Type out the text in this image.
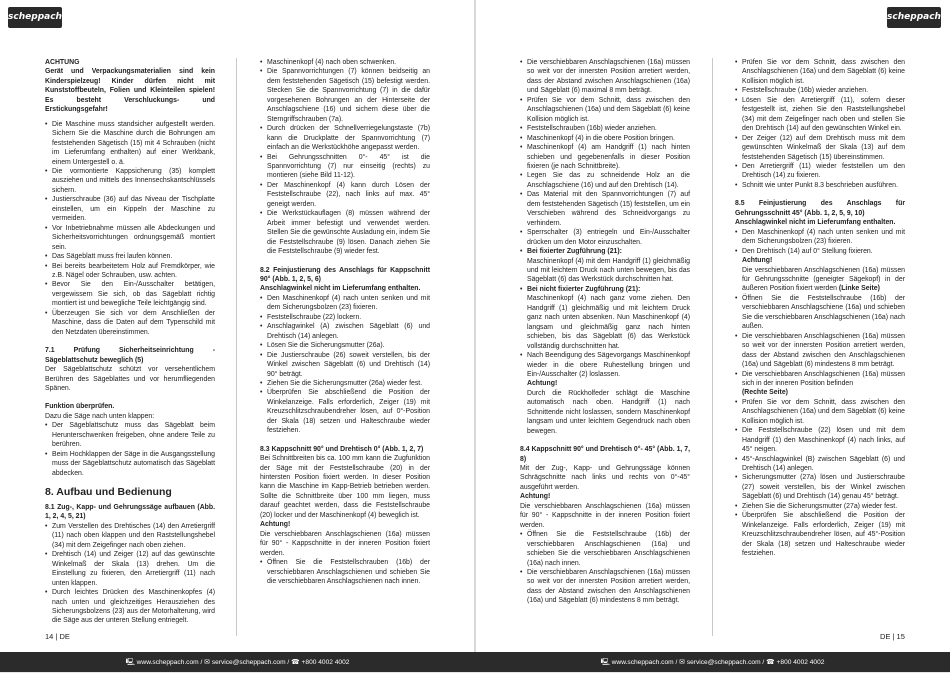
scheppach	scheppach
ACHTUNG
Gerät und Verpackungsmaterialien sind kein Kinderspielzeug! Kinder dürfen nicht mit Kunststoffbeuteln, Folien und Kleinteilen spielen! Es besteht Verschluckungs- und Erstickungsgefahr!
• Die Maschine muss standsicher aufgestellt werden. Sichern Sie die Maschine durch die Bohrungen am feststehenden Sägetisch (15) mit 4 Schrauben (nicht im Lieferumfang enthalten) auf einer Werkbank, einem Untergestell o. ä.
• Die vormontierte Kappsicherung (35) komplett ausziehen und mittels des Innensechskantschlüssels sichern.
• Justierschraube (36) auf das Niveau der Tischplatte einstellen, um ein Kippeln der Maschine zu vermeiden.
• Vor Inbetriebnahme müssen alle Abdeckungen und Sicherheitsvorrichtungen ordnungsgemäß montiert sein.
• Das Sägeblatt muss frei laufen können.
• Bei bereits bearbeitetem Holz auf Fremdkörper, wie z.B. Nägel oder Schrauben, usw. achten.
• Bevor Sie den Ein-/Ausschalter betätigen, vergewissern Sie sich, ob das Sägeblatt richtig montiert ist und bewegliche Teile leichtgängig sind.
• Überzeugen Sie sich vor dem Anschließen der Maschine, dass die Daten auf dem Typenschild mit den Netzdaten übereinstimmen.
7.1 Prüfung Sicherheitseinrichtung - Sägeblattschutz beweglich (5)
Der Sägeblattschutz schützt vor versehentlichem Berühren des Sägeblattes und vor herumfliegenden Spänen.
Funktion überprüfen.
Dazu die Säge nach unten klappen:
• Der Sägeblattschutz muss das Sägeblatt beim Herunterschwenken freigeben, ohne andere Teile zu berühren.
• Beim Hochklappen der Säge in die Ausgangsstellung muss der Sägeblattschutz automatisch das Sägeblatt abdecken.
8. Aufbau und Bedienung
8.1 Zug-, Kapp- und Gehrungssäge aufbauen (Abb. 1, 2, 4, 5, 21)
• Zum Verstellen des Drehtisches (14) den Arretiergriff (11) nach oben klappen und den Raststellungshebel (34) mit dem Zeigefinger nach oben ziehen.
• Drehtisch (14) und Zeiger (12) auf das gewünschte Winkelmaß der Skala (13) drehen. Um die Einstellung zu fixieren, den Arretiergriff (11) nach unten klappen.
• Durch leichtes Drücken des Maschinenkopfes (4) nach unten und gleichzeitiges Herausziehen des Sicherungsbolzens (23) aus der Motorhalterung, wird die Säge aus der unteren Stellung entriegelt.
• Maschinenkopf (4) nach oben schwenken.
• Die Spannvorrichtungen (7) können beidseitig an dem feststehenden Sägetisch (15) befestigt werden. Stecken Sie die Spannvorrichtung (7) in die dafür vorgesehenen Bohrungen an der Hinterseite der Anschlagschiene (16) und sichern diese über die Sterngriffschrauben (7a).
• Durch drücken der Schnellverriegelungstaste (7b) kann die Druckplatte der Spannvorrichtung (7) einfach an die Werkstückhöhe angepasst werden.
• Bei Gehrungsschnitten 0°- 45° ist die Spannvorrichtung (7) nur einseitig (rechts) zu montieren (siehe Bild 11-12).
• Der Maschinenkopf (4) kann durch Lösen der Feststellschraube (22), nach links auf max. 45° geneigt werden.
• Die Werkstückauflagen (8) müssen während der Arbeit immer befestigt und verwendet werden. Stellen Sie die gewünschte Ausladung ein, indem Sie die Feststellschraube (9) lösen. Danach ziehen Sie die Feststellschraube (9) wieder fest.
8.2 Feinjustierung des Anschlags für Kappschnitt 90° (Abb. 1, 2, 5, 6)
Anschlagwinkel nicht im Lieferumfang enthalten.
• Den Maschinenkopf (4) nach unten senken und mit dem Sicherungsbolzen (23) fixieren.
• Feststellschraube (22) lockern.
• Anschlagwinkel (A) zwischen Sägeblatt (6) und Drehtisch (14) anlegen.
• Lösen Sie die Sicherungsmutter (26a).
• Die Justierschraube (26) soweit verstellen, bis der Winkel zwischen Sägeblatt (6) und Drehtisch (14) 90° beträgt.
• Ziehen Sie die Sicherungsmutter (26a) wieder fest.
• Überprüfen Sie abschließend die Position der Winkelanzeige. Falls erforderlich, Zeiger (19) mit Kreuzschlitzschraubendreher lösen, auf 0°-Position der Skala (18) setzen und Halteschraube wieder festziehen.
8.3 Kappschnitt 90° und Drehtisch 0° (Abb. 1, 2, 7)
Bei Schnittbreiten bis ca. 100 mm kann die Zugfunktion der Säge mit der Feststellschraube (20) in der hintersten Position fixiert werden. In dieser Position kann die Maschine im Kapp-Betrieb betrieben werden. Sollte die Schnittbreite über 100 mm liegen, muss darauf geachtet werden, dass die Feststellschraube (20) locker und der Maschinenkopf (4) beweglich ist.
Achtung!
Die verschiebbaren Anschlagschienen (16a) müssen für 90° - Kappschnitte in der inneren Position fixiert werden.
• Öffnen Sie die Feststellschrauben (16b) der verschiebbaren Anschlagschienen und schieben Sie die verschiebbaren Anschlagschienen nach innen.
• Die verschiebbaren Anschlagschienen (16a) müssen so weit vor der innersten Position arretiert werden, dass der Abstand zwischen Anschlagschienen (16a) und Sägeblatt (6) maximal 8 mm beträgt.
• Prüfen Sie vor dem Schnitt, dass zwischen den Anschlagschienen (16a) und dem Sägeblatt (6) keine Kollision möglich ist.
• Feststellschrauben (16b) wieder anziehen.
• Maschinenkopf (4) in die obere Position bringen.
• Maschinenkopf (4) am Handgriff (1) nach hinten schieben und gegebenenfalls in dieser Position fixieren (je nach Schnittbreite).
• Legen Sie das zu schneidende Holz an die Anschlagschiene (16) und auf den Drehtisch (14).
• Das Material mit den Spannvorrichtungen (7) auf dem feststehenden Sägetisch (15) feststellen, um ein Verschieben während des Schneidvorgangs zu verhindern.
• Sperrschalter (3) entriegeln und Ein-/Ausschalter drücken um den Motor einzuschalten.
• Bei fixierter Zugführung (21):
Maschinenkopf (4) mit dem Handgriff (1) gleichmäßig und mit leichtem Druck nach unten bewegen, bis das Sägeblatt (6) das Werkstück durchschnitten hat.
• Bei nicht fixierter Zugführung (21):
Maschinenkopf (4) nach ganz vorne ziehen. Den Handgriff (1) gleichmäßig und mit leichtem Druck ganz nach unten absenken. Nun Maschinenkopf (4) langsam und gleichmäßig ganz nach hinten schieben, bis das Sägeblatt (6) das Werkstück vollständig durchschnitten hat.
• Nach Beendigung des Sägevorgangs Maschinenkopf wieder in die obere Ruhestellung bringen und Ein-/Ausschalter (2) loslassen.
Achtung!
Durch die Rückholfeder schlägt die Maschine automatisch nach oben. Handgriff (1) nach Schnittende nicht loslassen, sondern Maschinenkopf langsam und unter leichtem Gegendruck nach oben bewegen.
8.4 Kappschnitt 90° und Drehtisch 0°- 45° (Abb. 1, 7, 8)
Mit der Zug-, Kapp- und Gehrungssäge können Schrägschnitte nach links und rechts von 0°-45° ausgeführt werden.
Achtung!
Die verschiebbaren Anschlagschienen (16a) müssen für 90° - Kappschnitte in der inneren Position fixiert werden.
• Öffnen Sie die Feststellschraube (16b) der verschiebbaren Anschlagschienen (16a) und schieben Sie die verschiebbaren Anschlagschienen (16a) nach innen.
• Die verschiebbaren Anschlagschienen (16a) müssen so weit vor der innersten Position arretiert werden, dass der Abstand zwischen den Anschlagschienen (16a) und Sägeblatt (6) mindestens 8 mm beträgt.
• Prüfen Sie vor dem Schnitt, dass zwischen den Anschlagschienen (16a) und dem Sägeblatt (6) keine Kollision möglich ist.
• Feststellschraube (16b) wieder anziehen.
• Lösen Sie den Arretiergriff (11), sofern dieser festgestellt ist, ziehen Sie den Raststellungshebel (34) mit dem Zeigefinger nach oben und stellen Sie den Drehtisch (14) auf den gewünschten Winkel ein.
• Der Zeiger (12) auf dem Drehtisch muss mit dem gewünschten Winkelmaß der Skala (13) auf dem feststehenden Sägetisch (15) übereinstimmen.
• Den Arretiergriff (11) wieder feststellen um den Drehtisch (14) zu fixieren.
• Schnitt wie unter Punkt 8.3 beschrieben ausführen.
8.5 Feinjustierung des Anschlags für Gehrungsschnitt 45° (Abb. 1, 2, 5, 9, 10)
Anschlagwinkel nicht im Lieferumfang enthalten.
• Den Maschinenkopf (4) nach unten senken und mit dem Sicherungsbolzen (23) fixieren.
• Den Drehtisch (14) auf 0° Stellung fixieren.
Achtung!
Die verschiebbaren Anschlagschienen (16a) müssen für Gehrungsschnitte (geneigter Sägekopf) in der äußeren Position fixiert werden (Linke Seite)
• Öffnen Sie die Feststellschraube (16b) der verschiebbaren Anschlagschiene (16a) und schieben Sie die verschiebbaren Anschlagschienen (16a) nach außen.
• Die verschiebbaren Anschlagschienen (16a) müssen so weit vor der innersten Position arretiert werden, dass der Abstand zwischen den Anschlagschienen (16a) und Sägeblatt (6) mindestens 8 mm beträgt.
• Die verschiebbaren Anschlagschienen (16a) müssen sich in der inneren Position befinden
(Rechte Seite)
• Prüfen Sie vor dem Schnitt, dass zwischen den Anschlagschienen (16a) und dem Sägeblatt (6) keine Kollision möglich ist.
• Die Feststellschraube (22) lösen und mit dem Handgriff (1) den Maschinenkopf (4) nach links, auf 45° neigen.
• 45°-Anschlagwinkel (B) zwischen Sägeblatt (6) und Drehtisch (14) anlegen.
• Sicherungsmutter (27a) lösen und Justierschraube (27) soweit verstellen, bis der Winkel zwischen Sägeblatt (6) und Drehtisch (14) genau 45° beträgt.
• Ziehen Sie die Sicherungsmutter (27a) wieder fest.
• Überprüfen Sie abschließend die Position der Winkelanzeige. Falls erforderlich, Zeiger (19) mit Kreuzschlitzschraubendreher lösen, auf 45°-Position der Skala (18) setzen und Halteschraube wieder festziehen.
14 | DE	DE | 15
🖳 www.scheppach.com / ✉ service@scheppach.com / ☎ +800 4002 4002	🖳 www.scheppach.com / ✉ service@scheppach.com / ☎ +800 4002 4002
